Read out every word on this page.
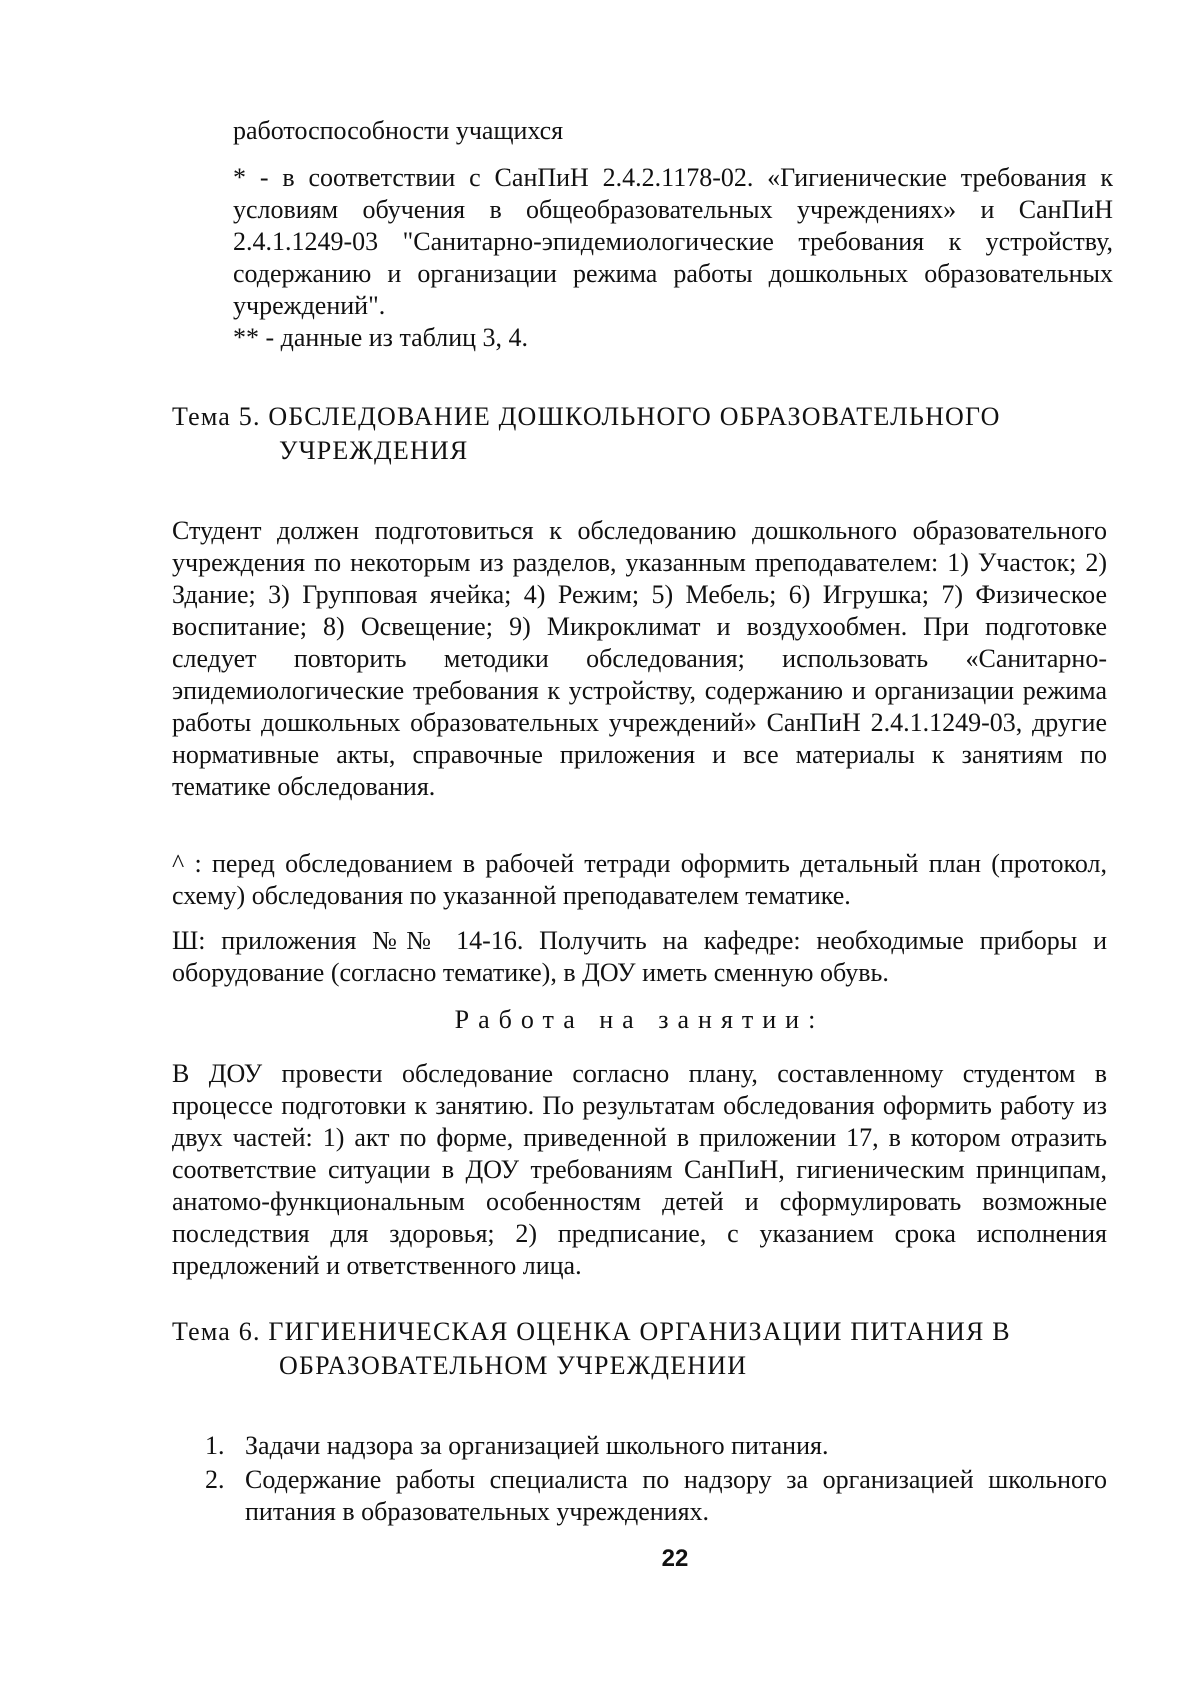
работоспособности учащихся
* - в соответствии с СанПиН 2.4.2.1178-02. «Гигиенические требования к условиям обучения в общеобразовательных учреждениях» и СанПиН 2.4.1.1249-03 "Санитарно-эпидемиологические требования к устройству, содержанию и организации режима работы дошкольных образовательных учреждений".
** - данные из таблиц 3, 4.
Тема 5. ОБСЛЕДОВАНИЕ ДОШКОЛЬНОГО ОБРАЗОВАТЕЛЬНОГО
УЧРЕЖДЕНИЯ
Студент должен подготовиться к обследованию дошкольного образовательного учреждения по некоторым из разделов, указанным преподавателем: 1) Участок; 2) Здание; 3) Групповая ячейка; 4) Режим; 5) Мебель; 6) Игрушка; 7) Физическое воспитание; 8) Освещение; 9) Микроклимат и воздухообмен. При подготовке следует повторить методики обследования; использовать «Санитарно-эпидемиологические требования к устройству, содержанию и организации режима работы дошкольных образовательных учреждений» СанПиН 2.4.1.1249-03, другие нормативные акты, справочные приложения и все материалы к занятиям по тематике обследования.
^ : перед обследованием в рабочей тетради оформить детальный план (протокол, схему) обследования по указанной преподавателем тематике.
Ш: приложения №№ 14-16. Получить на кафедре: необходимые приборы и оборудование (согласно тематике), в ДОУ иметь сменную обувь.
Работа на занятии:
В ДОУ провести обследование согласно плану, составленному студентом в процессе подготовки к занятию. По результатам обследования оформить работу из двух частей: 1) акт по форме, приведенной в приложении 17, в котором отразить соответствие ситуации в ДОУ требованиям СанПиН, гигиеническим принципам, анатомо-функциональным особенностям детей и сформулировать возможные последствия для здоровья; 2) предписание, с указанием срока исполнения предложений и ответственного лица.
Тема 6. ГИГИЕНИЧЕСКАЯ ОЦЕНКА ОРГАНИЗАЦИИ ПИТАНИЯ В
ОБРАЗОВАТЕЛЬНОМ УЧРЕЖДЕНИИ
1. Задачи надзора за организацией школьного питания.
2. Содержание работы специалиста по надзору за организацией школьного питания в образовательных учреждениях.
22
